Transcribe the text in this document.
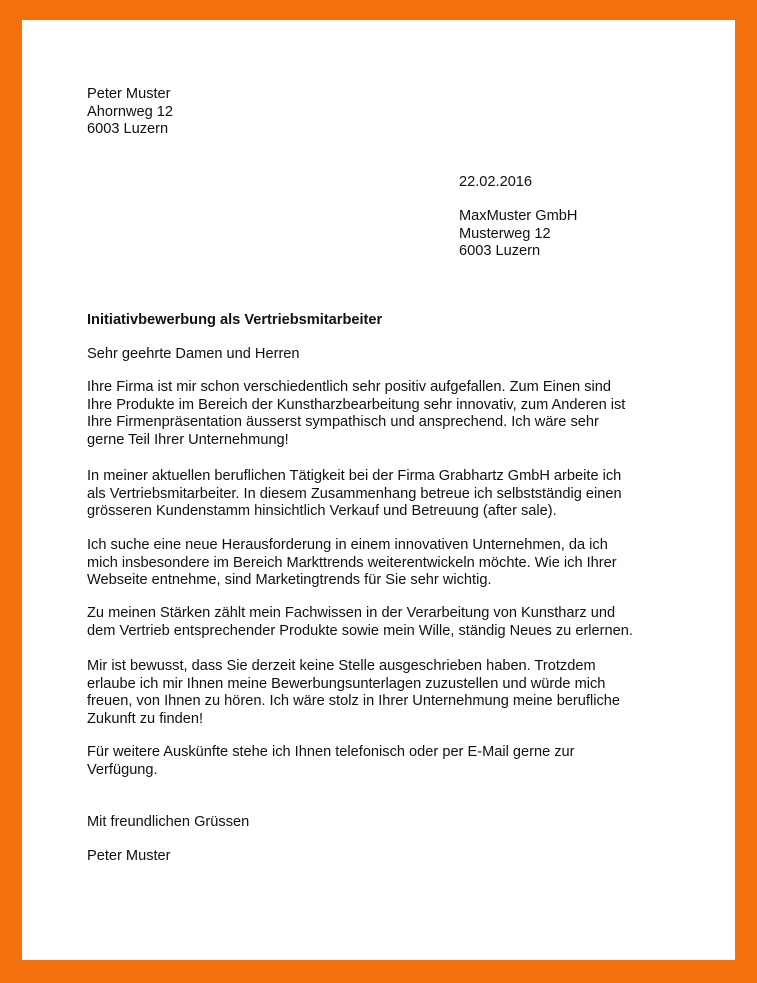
Peter Muster
Ahornweg 12
6003 Luzern
22.02.2016
MaxMuster GmbH
Musterweg 12
6003 Luzern
Initiativbewerbung als Vertriebsmitarbeiter
Sehr geehrte Damen und Herren
Ihre Firma ist mir schon verschiedentlich sehr positiv aufgefallen. Zum Einen sind
Ihre Produkte im Bereich der Kunstharzbearbeitung sehr innovativ, zum Anderen ist
Ihre Firmenpräsentation äusserst sympathisch und ansprechend. Ich wäre sehr
gerne Teil Ihrer Unternehmung!
In meiner aktuellen beruflichen Tätigkeit bei der Firma Grabhartz GmbH arbeite ich
als Vertriebsmitarbeiter. In diesem Zusammenhang betreue ich selbstständig einen
grösseren Kundenstamm hinsichtlich Verkauf und Betreuung (after sale).
Ich suche eine neue Herausforderung in einem innovativen Unternehmen, da ich
mich insbesondere im Bereich Markttrends weiterentwickeln möchte. Wie ich Ihrer
Webseite entnehme, sind Marketingtrends für Sie sehr wichtig.
Zu meinen Stärken zählt mein Fachwissen in der Verarbeitung von Kunstharz und
dem Vertrieb entsprechender Produkte sowie mein Wille, ständig Neues zu erlernen.
Mir ist bewusst, dass Sie derzeit keine Stelle ausgeschrieben haben. Trotzdem
erlaube ich mir Ihnen meine Bewerbungsunterlagen zuzustellen und würde mich
freuen, von Ihnen zu hören. Ich wäre stolz in Ihrer Unternehmung meine berufliche
Zukunft zu finden!
Für weitere Auskünfte stehe ich Ihnen telefonisch oder per E-Mail gerne zur
Verfügung.
Mit freundlichen Grüssen
Peter Muster
